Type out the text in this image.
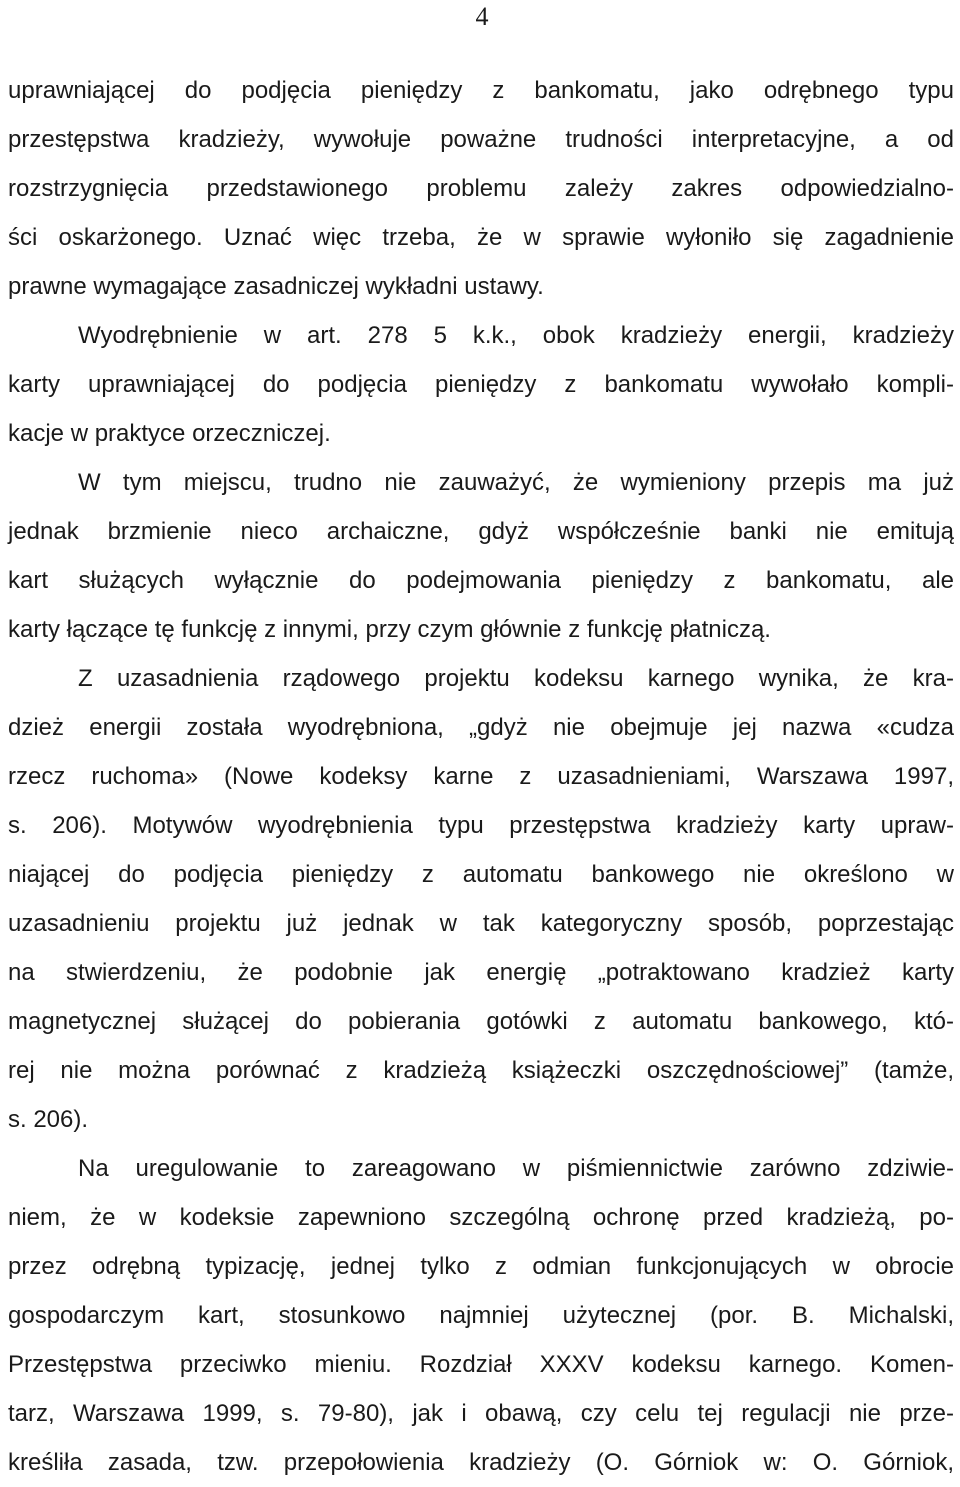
4

uprawniającej do podjęcia pieniędzy z bankomatu, jako odrębnego typu

przestępstwa kradzieży, wywołuje poważne trudności interpretacyjne, a od

rozstrzygnięcia przedstawionego problemu zależy zakres odpowiedzialno-

ści oskarżonego. Uznać więc trzeba, że w sprawie wyłoniło się zagadnienie

prawne wymagające zasadniczej wykładni ustawy.

Wyodrębnienie w art. 278 5 k.k., obok kradzieży energii, kradzieży

karty uprawniającej do podjęcia pieniędzy z bankomatu wywołało kompli-

kacje w praktyce orzeczniczej.

W tym miejscu, trudno nie zauważyć, że wymieniony przepis ma już

jednak brzmienie nieco archaiczne, gdyż współcześnie banki nie emitują

kart służących wyłącznie do podejmowania pieniędzy z bankomatu, ale

karty łączące tę funkcję z innymi, przy czym głównie z funkcję płatniczą.

Z uzasadnienia rządowego projektu kodeksu karnego wynika, że kra-

dzież energii została wyodrębniona, „gdyż nie obejmuje jej nazwa «cudza

rzecz ruchoma» (Nowe kodeksy karne z uzasadnieniami, Warszawa 1997,

s. 206). Motywów wyodrębnienia typu przestępstwa kradzieży karty upraw-

niającej do podjęcia pieniędzy z automatu bankowego nie określono w

uzasadnieniu projektu już jednak w tak kategoryczny sposób, poprzestając

na stwierdzeniu, że podobnie jak energię „potraktowano kradzież karty

magnetycznej służącej do pobierania gotówki z automatu bankowego, któ-

rej nie można porównać z kradzieżą książeczki oszczędnościowej” (tamże,

s. 206).

Na uregulowanie to zareagowano w piśmiennictwie zarówno zdziwie-

niem, że w kodeksie zapewniono szczególną ochronę przed kradzieżą, po-

przez odrębną typizację, jednej tylko z odmian funkcjonujących w obrocie

gospodarczym kart, stosunkowo najmniej użytecznej (por. B. Michalski,

Przestępstwa przeciwko mieniu. Rozdział XXXV kodeksu karnego. Komen-

tarz, Warszawa 1999, s. 79-80), jak i obawą, czy celu tej regulacji nie prze-

kreśliła zasada, tzw. przepołowienia kradzieży (O. Górniok w: O. Górniok,
